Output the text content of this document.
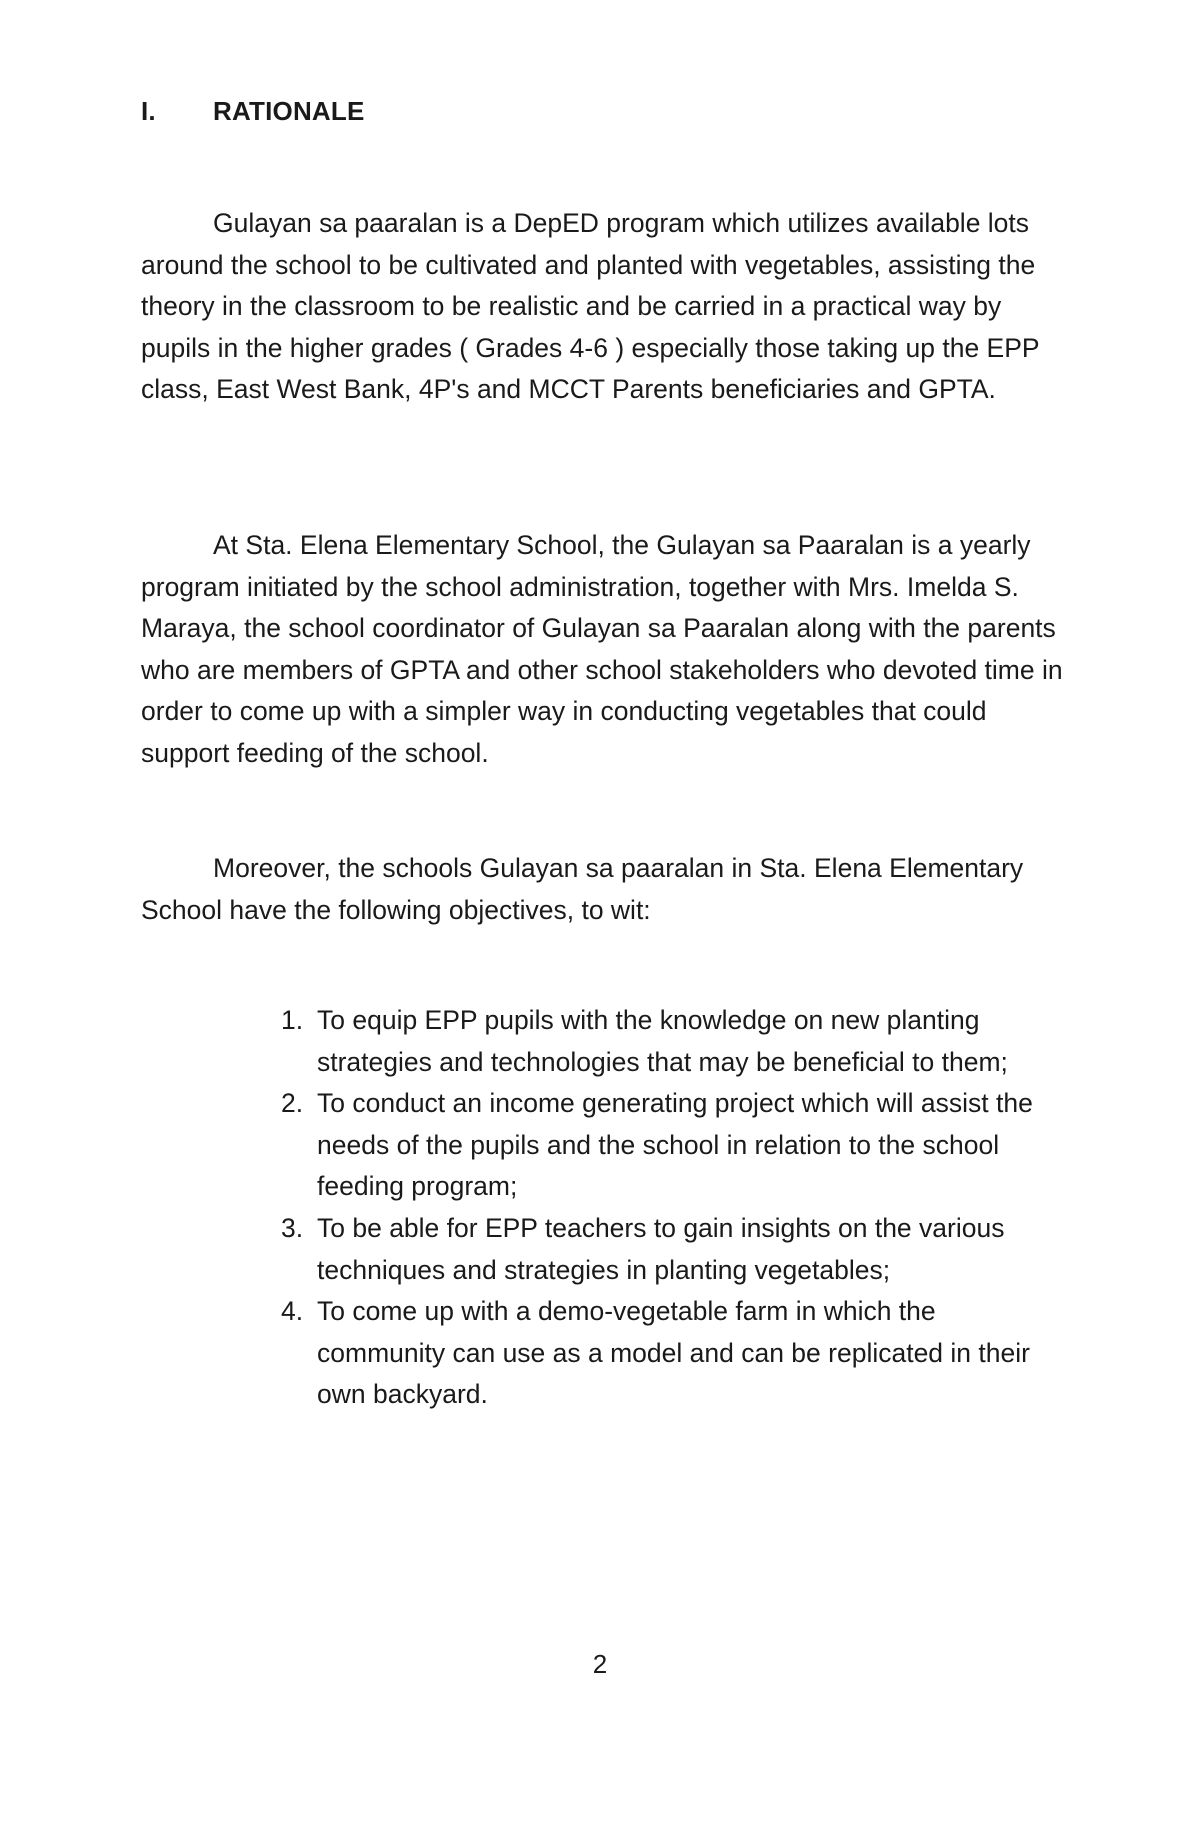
I. RATIONALE

Gulayan sa paaralan is a DepED program which utilizes available lots around the school to be cultivated and planted with vegetables, assisting the theory in the classroom to be realistic and be carried in a practical way by pupils in the higher grades ( Grades 4-6 ) especially those taking up the EPP class, East West Bank, 4P's and MCCT Parents beneficiaries and GPTA.

At Sta. Elena Elementary School, the Gulayan sa Paaralan is a yearly program initiated by the school administration, together with Mrs. Imelda S. Maraya, the school coordinator of Gulayan sa Paaralan along with the parents who are members of GPTA and other school stakeholders who devoted time in order to come up with a simpler way in conducting vegetables that could support feeding of the school.

Moreover, the schools Gulayan sa paaralan in Sta. Elena Elementary School have the following objectives, to wit:

1. To equip EPP pupils with the knowledge on new planting strategies and technologies that may be beneficial to them;
2. To conduct an income generating project which will assist the needs of the pupils and the school in relation to the school feeding program;
3. To be able for EPP teachers to gain insights on the various techniques and strategies in planting vegetables;
4. To come up with a demo-vegetable farm in which the community can use as a model and can be replicated in their own backyard.
2
